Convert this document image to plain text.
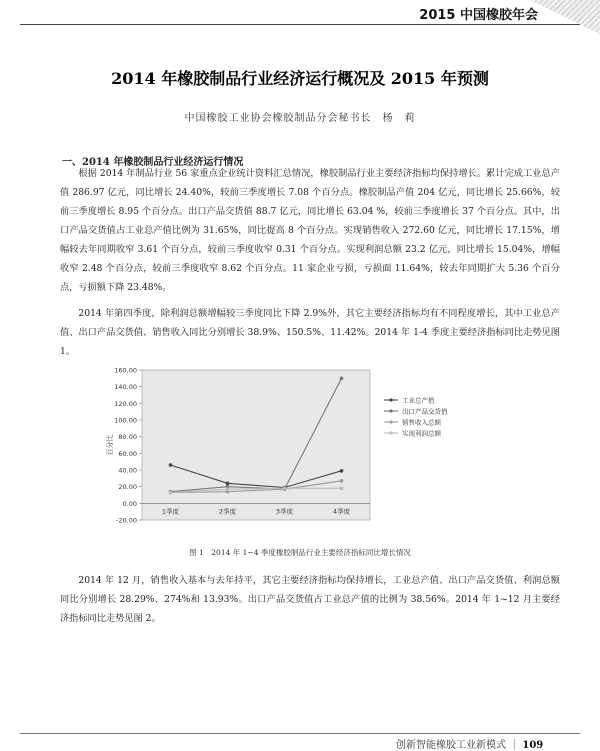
2015 中国橡胶年会
2014 年橡胶制品行业经济运行概况及 2015 年预测
中国橡胶工业协会橡胶制品分会秘书长　杨　莉
一、2014 年橡胶制品行业经济运行情况
根据 2014 年制品行业 56 家重点企业统计资料汇总情况，橡胶制品行业主要经济指标均保持增长。累计完成工业总产值 286.97 亿元，同比增长 24.40%，较前三季度增长 7.08 个百分点。橡胶制品产值 204 亿元，同比增长 25.66%，较前三季度增长 8.95 个百分点。出口产品交货值 88.7 亿元，同比增长 63.04 %，较前三季度增长 37 个百分点。其中，出口产品交货值占工业总产值比例为 31.65%，同比提高 8 个百分点。实现销售收入 272.60 亿元，同比增长 17.15%，增幅较去年同期收窄 3.61 个百分点，较前三季度收窄 0.31 个百分点。实现利润总额 23.2 亿元，同比增长 15.04%，增幅收窄 2.48 个百分点，较前三季度收窄 8.62 个百分点。11 家企业亏损，亏损面 11.64%，较去年同期扩大 5.36 个百分点，亏损额下降 23.48%。
2014 年第四季度，除利润总额增幅较三季度同比下降 2.9%外，其它主要经济指标均有不同程度增长，其中工业总产值、出口产品交货值、销售收入同比分别增长 38.9%、150.5%、11.42%。2014 年 1-4 季度主要经济指标同比走势见图 1。
160.00
140.00
120.00
100.00
80.00
60.00
40.00
20.00
0.00
-20.00
百分比
1季度	2季度	3季度	4季度
工业总产值
出口产品交货值
销售收入总额
实现利润总额
图 1　2014 年 1~4 季度橡胶制品行业主要经济指标同比增长情况
2014 年 12 月，销售收入基本与去年持平，其它主要经济指标均保持增长，工业总产值、出口产品交货值、利润总额同比分别增长 28.29%、274%和 13.93%。出口产品交货值占工业总产值的比例为 38.56%。2014 年 1~12 月主要经济指标同比走势见图 2。
创新智能橡胶工业新模式 ｜ 109
